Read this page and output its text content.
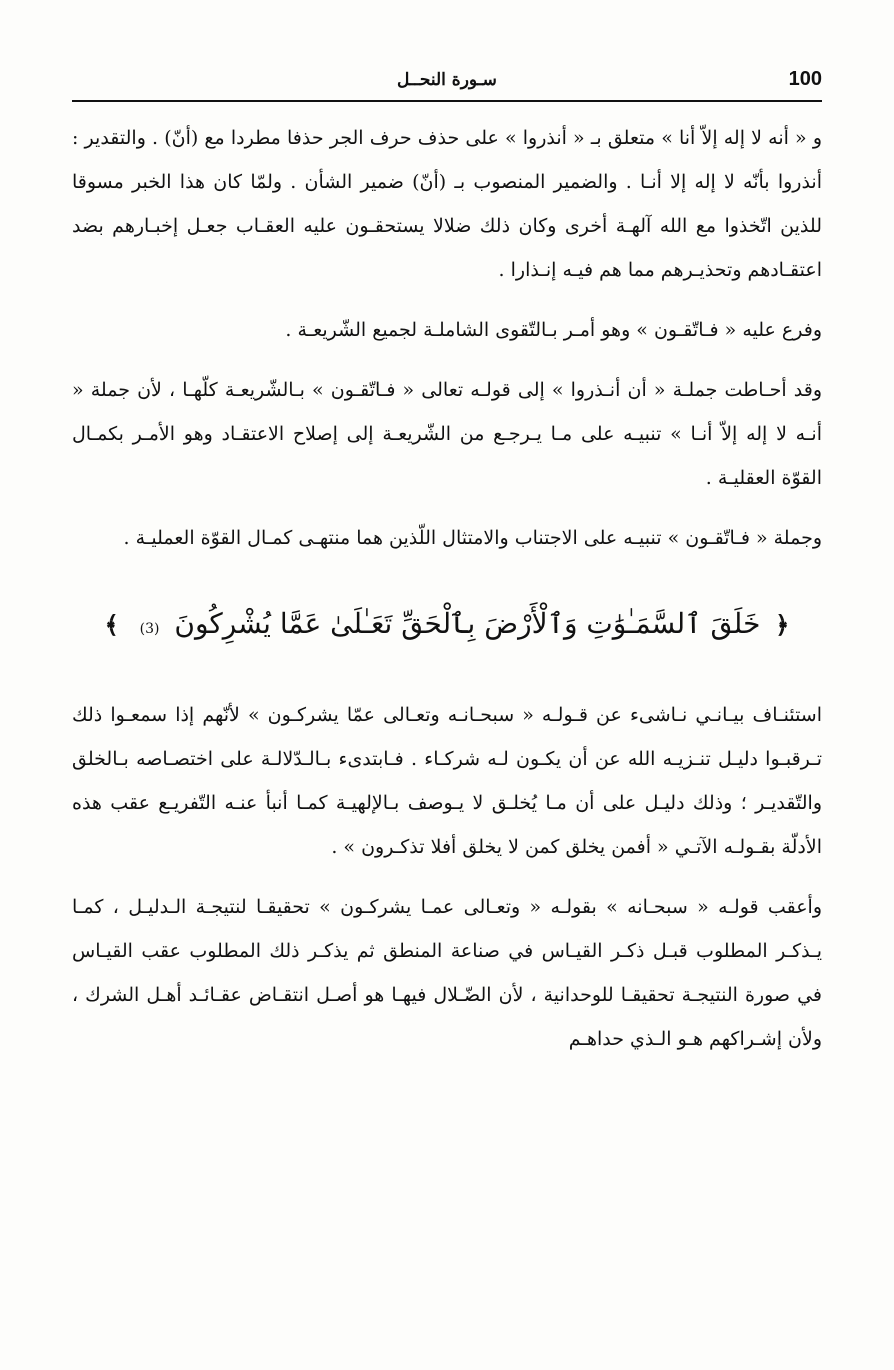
100
سـورة النحــل

و « أنه لا إله إلاّ أنا » متعلق بـ « أنذروا » على حذف حرف الجر حذفا مطردا مع (أنّ) . والتقدير : أنذروا بأنّه لا إله إلا أنـا . والضمير المنصوب بـ (أنّ) ضمير الشأن . ولمّا كان هذا الخبر مسوقا للذين اتّخذوا مع الله آلهـة أخرى وكان ذلك ضلالا يستحقـون عليه العقـاب جعـل إخبـارهم بضد اعتقـادهم وتحذيـرهم مما هم فيـه إنـذارا .

وفرع عليه « فـاتّقـون » وهو أمـر بـالتّقوى الشاملـة لجميع الشّريعـة .

وقد أحـاطت جملـة « أن أنـذروا » إلى قولـه تعالى « فـاتّقـون » بـالشّريعـة كلّهـا ، لأن جملة « أنـه لا إله إلاّ أنـا » تنبيـه على مـا يـرجـع من الشّريعـة إلى إصلاح الاعتقـاد وهو الأمـر بكمـال القوّة العقليـة .

وجملة « فـاتّقـون » تنبيـه على الاجتناب والامتثال اللّذين هما منتهـى كمـال القوّة العمليـة .

﴿ خَلَقَ ٱلسَّمَـٰوَٰتِ وَٱلْأَرْضَ بِٱلْحَقِّ تَعَـٰلَىٰ عَمَّا يُشْرِكُونَ (3) ﴾

استئنـاف بيـانـي نـاشىء عن قـولـه « سبحـانـه وتعـالى عمّا يشركـون » لأنّهم إذا سمعـوا ذلك تـرقبـوا دليـل تنـزيـه الله عن أن يكـون لـه شركـاء . فـابتدىء بـالـدّلالـة على اختصـاصه بـالخلق والتّقديـر ؛ وذلك دليـل على أن مـا يُخلـق لا يـوصف بـالإلهيـة كمـا أنبأ عنـه التّفريـع عقب هذه الأدلّة بقـولـه الآتـي « أفمن يخلق كمن لا يخلق أفلا تذكـرون » .

وأعقب قولـه « سبحـانه » بقولـه « وتعـالى عمـا يشركـون » تحقيقـا لنتيجـة الـدليـل ، كمـا يـذكـر المطلوب قبـل ذكـر القيـاس في صناعة المنطق ثم يذكـر ذلك المطلوب عقب القيـاس في صورة النتيجـة تحقيقـا للوحدانية ، لأن الضّـلال فيهـا هو أصـل انتقـاض عقـائـد أهـل الشرك ، ولأن إشـراكهم هـو الـذي حداهـم
